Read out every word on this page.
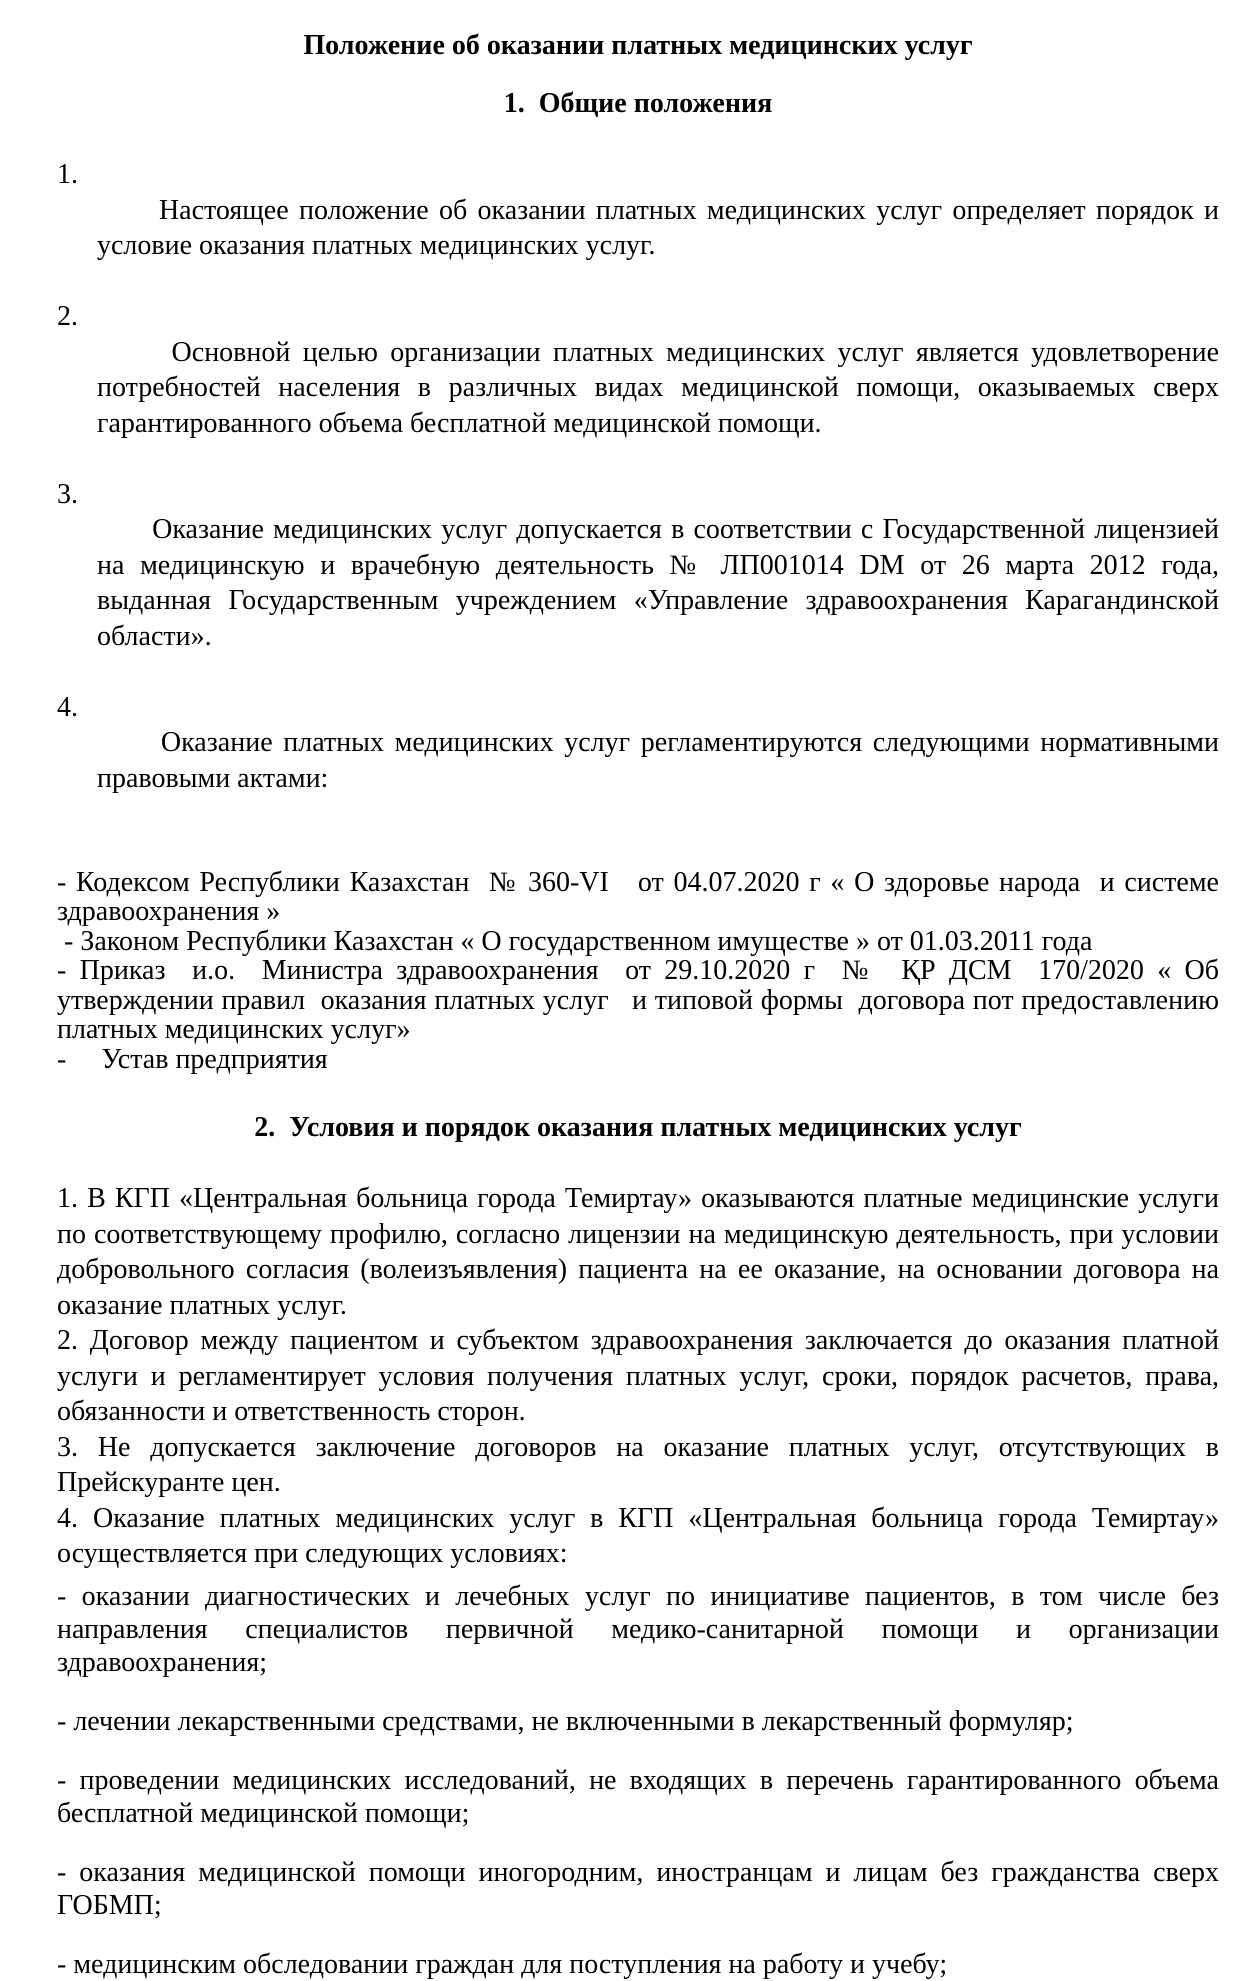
Положение об оказании платных медицинских услуг
1.  Общие положения

1.
Настоящее положение об оказании платных медицинских услуг определяет порядок и условие оказания платных медицинских услуг.

2.
Основной целью организации платных медицинских услуг является удовлетворение потребностей населения в различных видах медицинской помощи, оказываемых сверх гарантированного объема бесплатной медицинской помощи.

3.
Оказание медицинских услуг допускается в соответствии с Государственной лицензией на медицинскую и врачебную деятельность № ЛП001014 DM от 26 марта 2012 года, выданная Государственным учреждением «Управление здравоохранения Карагандинской области».

4.
Оказание платных медицинских услуг регламентируются следующими нормативными правовыми актами:

- Кодексом Республики Казахстан  № 360-VI   от 04.07.2020 г « О здоровье народа  и системе здравоохранения »

- Законом Республики Казахстан « О государственном имуществе » от 01.03.2011 года

- Приказ  и.о.  Министра здравоохранения  от 29.10.2020 г  №  ҚР ДСМ  170/2020 « Об утверждении правил  оказания платных услуг   и типовой формы  договора пот предоставлению платных медицинских услуг»

-     Устав предприятия

2.  Условия и порядок оказания платных медицинских услуг

1. В КГП «Центральная больница города Темиртау» оказываются платные медицинские услуги по соответствующему профилю, согласно лицензии на медицинскую деятельность, при условии добровольного согласия (волеизъявления) пациента на ее оказание, на основании договора на оказание платных услуг.

2. Договор между пациентом и субъектом здравоохранения заключается до оказания платной услуги и регламентирует условия получения платных услуг, сроки, порядок расчетов, права, обязанности и ответственность сторон.

3. Не допускается заключение договоров на оказание платных услуг, отсутствующих в Прейскуранте цен.

4. Оказание платных медицинских услуг в КГП «Центральная больница города Темиртау» осуществляется при следующих условиях:

- оказании диагностических и лечебных услуг по инициативе пациентов, в том числе без направления специалистов первичной медико-санитарной помощи и организации здравоохранения;

- лечении лекарственными средствами, не включенными в лекарственный формуляр;

- проведении медицинских исследований, не входящих в перечень гарантированного объема бесплатной медицинской помощи;

- оказания медицинской помощи иногородним, иностранцам и лицам без гражданства сверх ГОБМП;

- медицинским обследовании граждан для поступления на работу и учебу;
